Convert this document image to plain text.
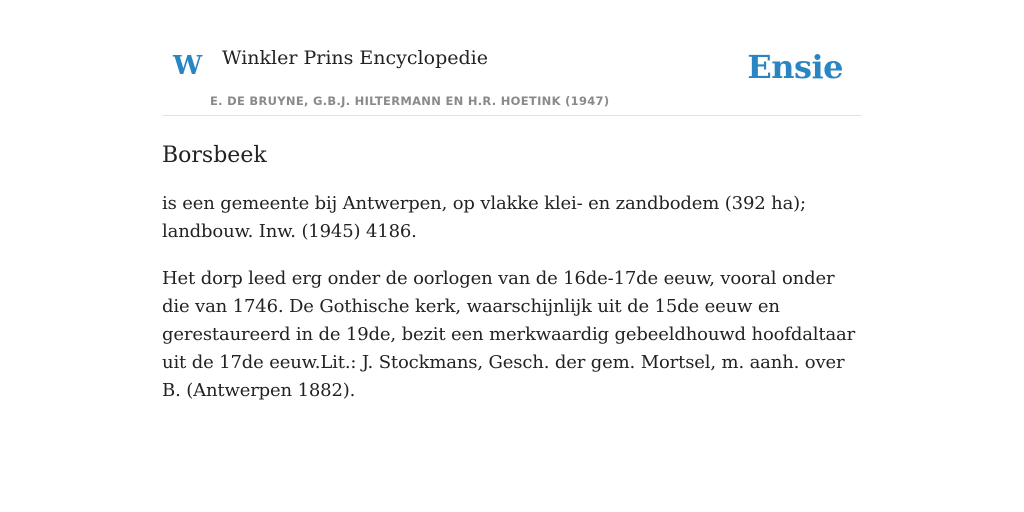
W Winkler Prins Encyclopedie
E. DE BRUYNE, G.B.J. HILTERMANN EN H.R. HOETINK (1947)
Ensie
Borsbeek

is een gemeente bij Antwerpen, op vlakke klei- en zandbodem (392 ha); landbouw. Inw. (1945) 4186.

Het dorp leed erg onder de oorlogen van de 16de-17de eeuw, vooral onder die van 1746. De Gothische kerk, waarschijnlijk uit de 15de eeuw en gerestaureerd in de 19de, bezit een merkwaardig gebeeldhouwd hoofdaltaar uit de 17de eeuw.Lit.: J. Stockmans, Gesch. der gem. Mortsel, m. aanh. over B. (Antwerpen 1882).
